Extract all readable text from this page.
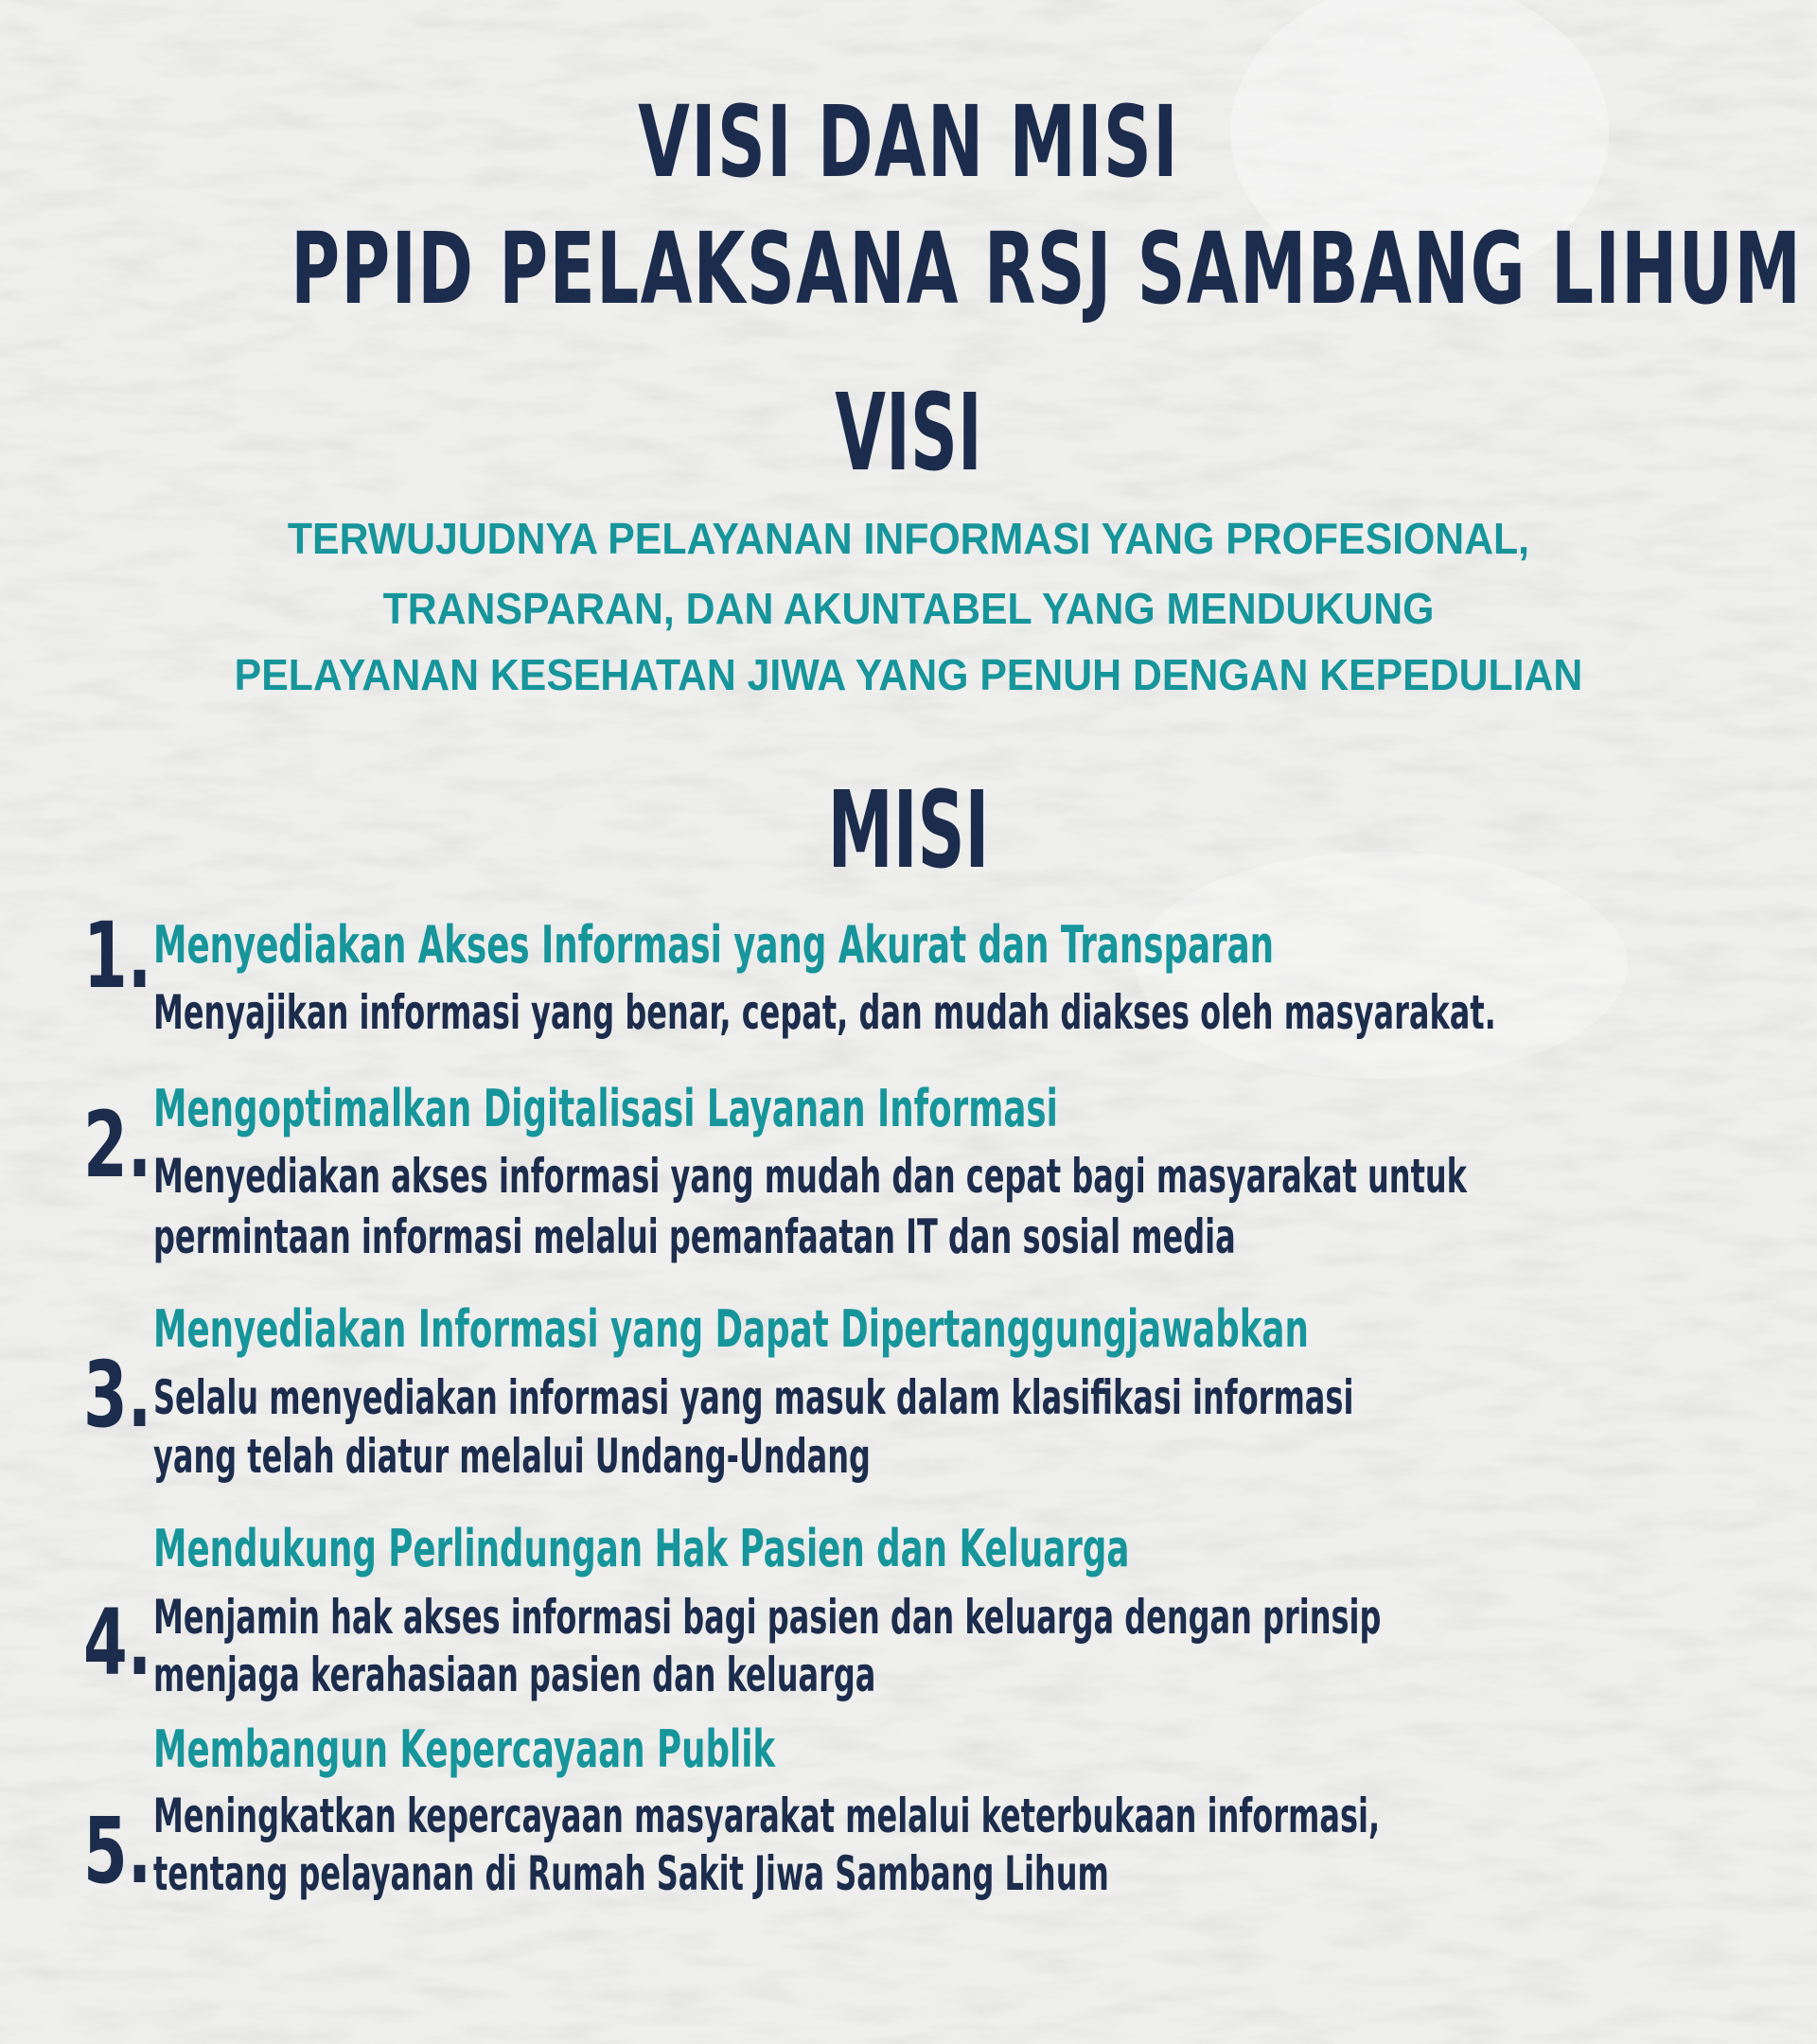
VISI DAN MISI
PPID PELAKSANA RSJ SAMBANG LIHUM
VISI
TERWUJUDNYA PELAYANAN INFORMASI YANG PROFESIONAL,
TRANSPARAN, DAN AKUNTABEL YANG MENDUKUNG
PELAYANAN KESEHATAN JIWA YANG PENUH DENGAN KEPEDULIAN
MISI
1. Menyediakan Akses Informasi yang Akurat dan Transparan
Menyajikan informasi yang benar, cepat, dan mudah diakses oleh masyarakat.
2. Mengoptimalkan Digitalisasi Layanan Informasi
Menyediakan akses informasi yang mudah dan cepat bagi masyarakat untuk
permintaan informasi melalui pemanfaatan IT dan sosial media
3.
Menyediakan Informasi yang Dapat Dipertanggungjawabkan
Selalu menyediakan informasi yang masuk dalam klasifikasi informasi
yang telah diatur melalui Undang-Undang
4.
Mendukung Perlindungan Hak Pasien dan Keluarga
Menjamin hak akses informasi bagi pasien dan keluarga dengan prinsip
menjaga kerahasiaan pasien dan keluarga
5.
Membangun Kepercayaan Publik
Meningkatkan kepercayaan masyarakat melalui keterbukaan informasi,
tentang pelayanan di Rumah Sakit Jiwa Sambang Lihum
